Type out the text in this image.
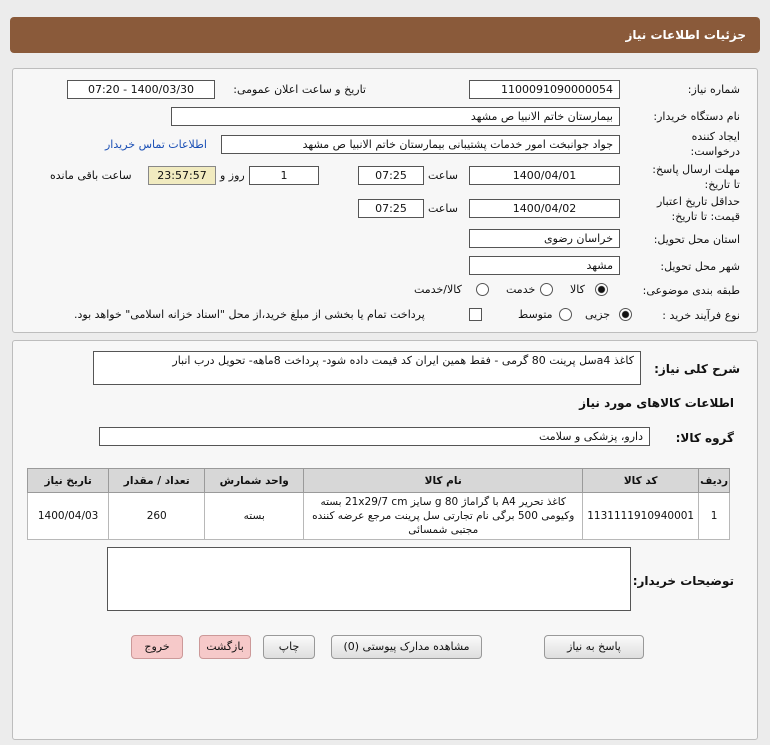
جزئیات اطلاعات نیاز
شماره نیاز:
1100091090000054
تاریخ و ساعت اعلان عمومی:
1400/03/30 - 07:20
نام دستگاه خریدار:
بیمارستان خاتم الانبیا ص مشهد
ایجاد کننده
درخواست:
جواد جوانبخت امور خدمات پشتیبانی بیمارستان خاتم الانبیا ص مشهد
اطلاعات تماس خریدار
مهلت ارسال پاسخ:
تا تاریخ:
1400/04/01
ساعت
07:25
1
روز و
23:57:57
ساعت باقی مانده
حداقل تاریخ اعتبار
قیمت: تا تاریخ:
1400/04/02
ساعت
07:25
استان محل تحویل:
خراسان رضوی
شهر محل تحویل:
مشهد
طبقه بندی موضوعی:
کالا
خدمت
کالا/خدمت
نوع فرآیند خرید :
جزیی
متوسط
پرداخت تمام یا بخشی از مبلغ خرید،از محل "اسناد خزانه اسلامی" خواهد بود.
شرح کلی نیاز:
کاغذ a4سل پرینت 80 گرمی - فقط همین ایران کد قیمت داده شود- پرداخت 8ماهه- تحویل درب انبار
اطلاعات کالاهای مورد نیاز
گروه کالا:
دارو، پزشکی و سلامت
ردیف	کد کالا	نام کالا	واحد شمارش	تعداد / مقدار	تاریخ نیاز
1	1131111910940001	کاغذ تحریر A4 با گراماژ 80 g سایز 21x29/7 cm بسته وکیومی 500 برگی نام تجارتی سل پرینت مرجع عرضه کننده مجتبی شمسائی	بسته	260	1400/04/03
توضیحات خریدار:
پاسخ به نیاز
مشاهده مدارک پیوستی (0)
چاپ
بازگشت
خروج
